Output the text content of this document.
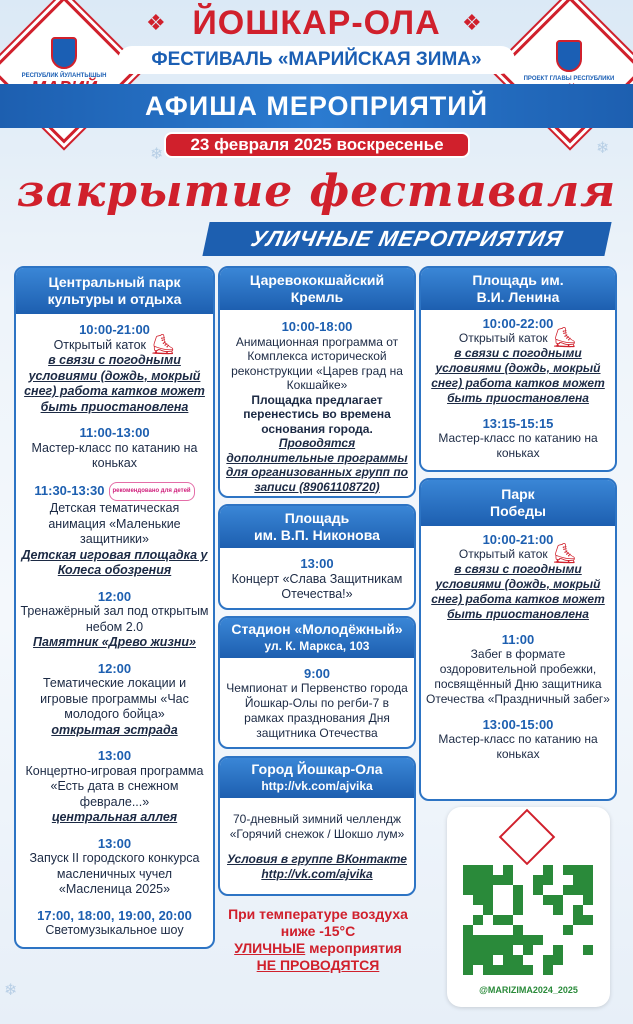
❄	❄
❄
РЕСПУБЛИК ЙУЛАНТЫШЫН	ПРОЕКТ ГЛАВЫ РЕСПУБЛИКИ
❖	❖
ЙОШКАР-ОЛА
ФЕСТИВАЛЬ «МАРИЙСКАЯ ЗИМА»
АФИША МЕРОПРИЯТИЙ
23 февраля 2025 воскресенье
закрытие фестиваля
УЛИЧНЫЕ МЕРОПРИЯТИЯ
Центральный парк
культуры и отдыха
10:00-21:00
Открытый каток ⛸
в связи с погодными условиями (дождь, мокрый снег) работа катков может быть приостановлена
11:00-13:00
Мастер-класс по катанию на коньках
11:30-13:30 рекомендовано для детей
Детская тематическая анимация «Маленькие защитники»
Детская игровая площадка у Колеса обозрения
12:00
Тренажёрный зал под открытым небом 2.0
Памятник «Древо жизни»
12:00
Тематические локации и игровые программы «Час молодого бойца»
открытая эстрада
13:00
Концертно-игровая программа «Есть дата в снежном феврале...»
центральная аллея
13:00
Запуск II городского конкурса масленичных чучел «Масленица 2025»
17:00, 18:00, 19:00, 20:00
Светомузыкальное шоу
Царевококшайский
Кремль
10:00-18:00
Анимационная программа от Комплекса исторической реконструкции «Царев град на Кокшайке»
Площадка предлагает перенестись во времена основания города.
Проводятся дополнительные программы для организованных групп по записи (89061108720)
Площадь
им. В.П. Никонова
13:00
Концерт «Слава Защитникам Отечества!»
Стадион «Молодёжный»
ул. К. Маркса, 103
9:00
Чемпионат и Первенство города Йошкар-Олы по регби-7 в рамках празднования Дня защитника Отечества
Город Йошкар-Ола
http://vk.com/ajvika
70-дневный зимний челлендж «Горячий снежок / Шокшо лум»
Условия в группе ВКонтакте
http://vk.com/ajvika
Площадь им.
В.И. Ленина
10:00-22:00
Открытый каток ⛸
в связи с погодными условиями (дождь, мокрый снег) работа катков может быть приостановлена
13:15-15:15
Мастер-класс по катанию на коньках
Парк
Победы
10:00-21:00
Открытый каток ⛸
в связи с погодными условиями (дождь, мокрый снег) работа катков может быть приостановлена
11:00
Забег в формате оздоровительной пробежки, посвящённый Дню защитника Отечества «Праздничный забег»
13:00-15:00
Мастер-класс по катанию на коньках
При температуре воздуха ниже -15°C
УЛИЧНЫЕ мероприятия
НЕ ПРОВОДЯТСЯ
@MARIZIMA2024_2025
